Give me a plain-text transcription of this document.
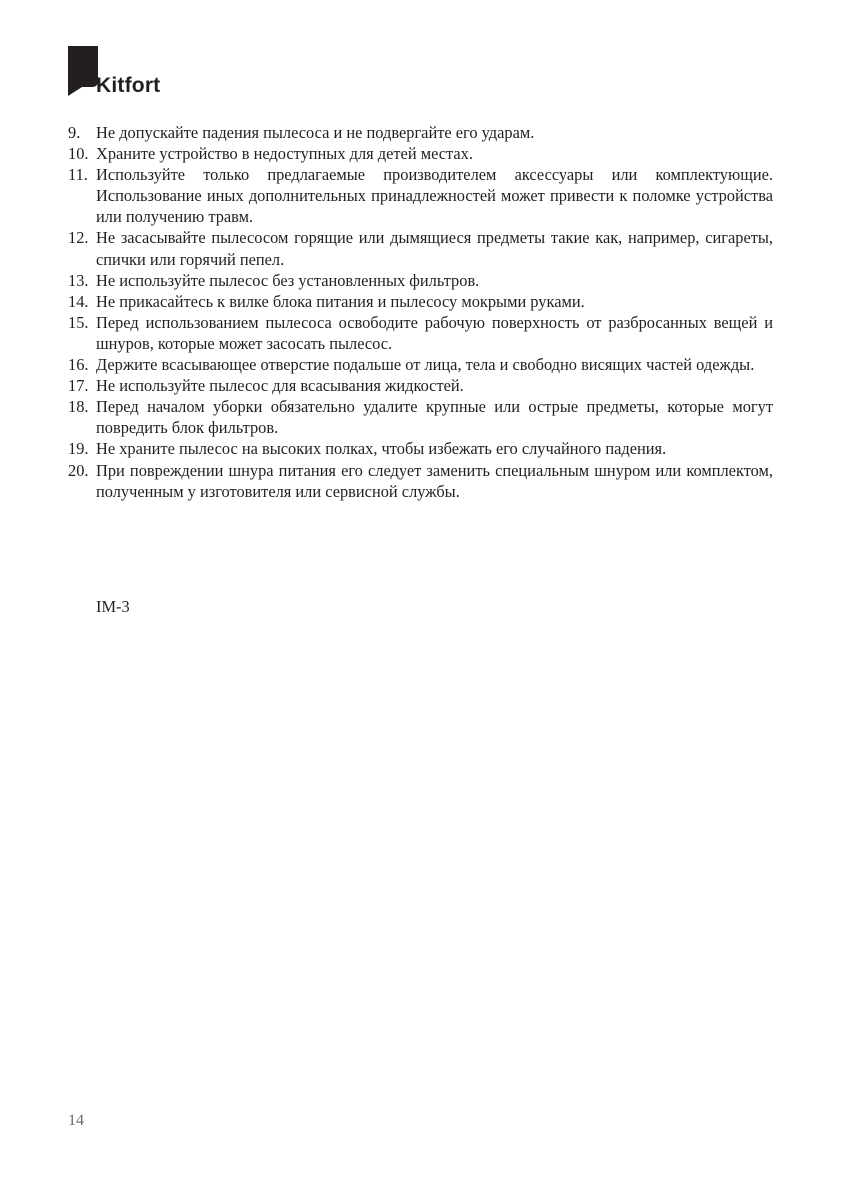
Kitfort
9. Не допускайте падения пылесоса и не подвергайте его ударам.
10. Храните устройство в недоступных для детей местах.
11. Используйте только предлагаемые производителем аксессуары или комплектующие. Использование иных дополнительных принадлежностей может привести к поломке устройства или получению травм.
12. Не засасывайте пылесосом горящие или дымящиеся предметы такие как, например, сигареты, спички или горячий пепел.
13. Не используйте пылесос без установленных фильтров.
14. Не прикасайтесь к вилке блока питания и пылесосу мокрыми руками.
15. Перед использованием пылесоса освободите рабочую поверхность от разбросанных вещей и шнуров, которые может засосать пылесос.
16. Держите всасывающее отверстие подальше от лица, тела и свободно висящих частей одежды.
17. Не используйте пылесос для всасывания жидкостей.
18. Перед началом уборки обязательно удалите крупные или острые предметы, которые могут повредить блок фильтров.
19. Не храните пылесос на высоких полках, чтобы избежать его случайного падения.
20. При повреждении шнура питания его следует заменить специальным шнуром или комплектом, полученным у изготовителя или сервисной службы.
IM-3
14
